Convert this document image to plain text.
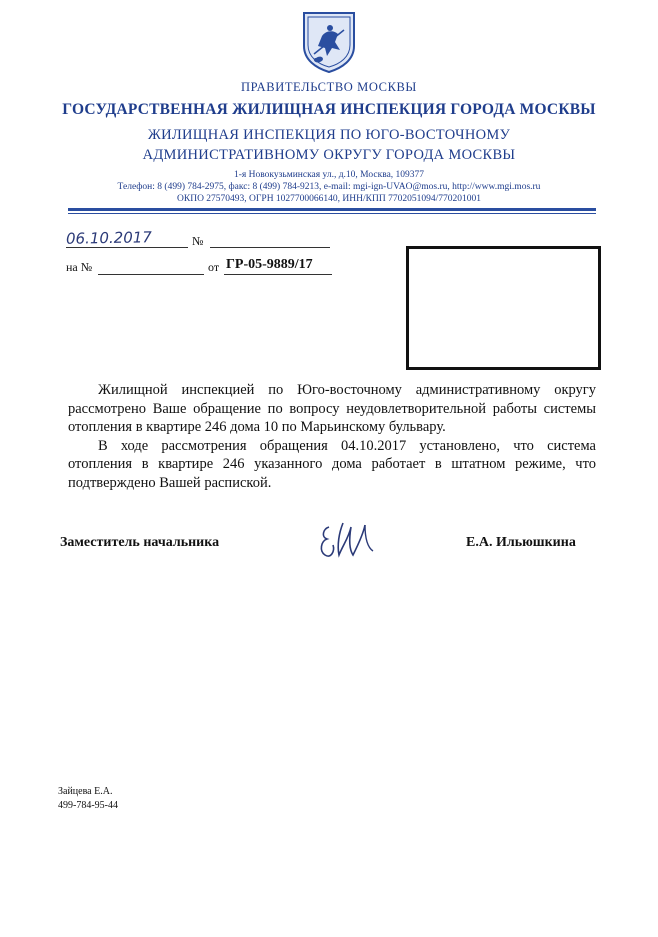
ПРАВИТЕЛЬСТВО МОСКВЫ
ГОСУДАРСТВЕННАЯ ЖИЛИЩНАЯ ИНСПЕКЦИЯ ГОРОДА МОСКВЫ
ЖИЛИЩНАЯ ИНСПЕКЦИЯ ПО ЮГО-ВОСТОЧНОМУ
АДМИНИСТРАТИВНОМУ ОКРУГУ ГОРОДА МОСКВЫ
1-я Новокузьминская ул., д.10, Москва, 109377
Телефон: 8 (499) 784-2975, факс: 8 (499) 784-9213, e-mail: mgi-ign-UVAO@mos.ru, http://www.mgi.mos.ru
ОКПО 27570493, ОГРН 1027700066140, ИНН/КПП 7702051094/770201001
06.10.2017	№
на №	от ГР-05-9889/17

Жилищной инспекцией по Юго-восточному административному округу рассмотрено Ваше обращение по вопросу неудовлетворительной работы системы отопления в квартире 246 дома 10 по Марьинскому бульвару.

В ходе рассмотрения обращения 04.10.2017 установлено, что система отопления в квартире 246 указанного дома работает в штатном режиме, что подтверждено Вашей распиской.

Заместитель начальника	Е.А. Ильюшкина
Зайцева Е.А.
499-784-95-44
